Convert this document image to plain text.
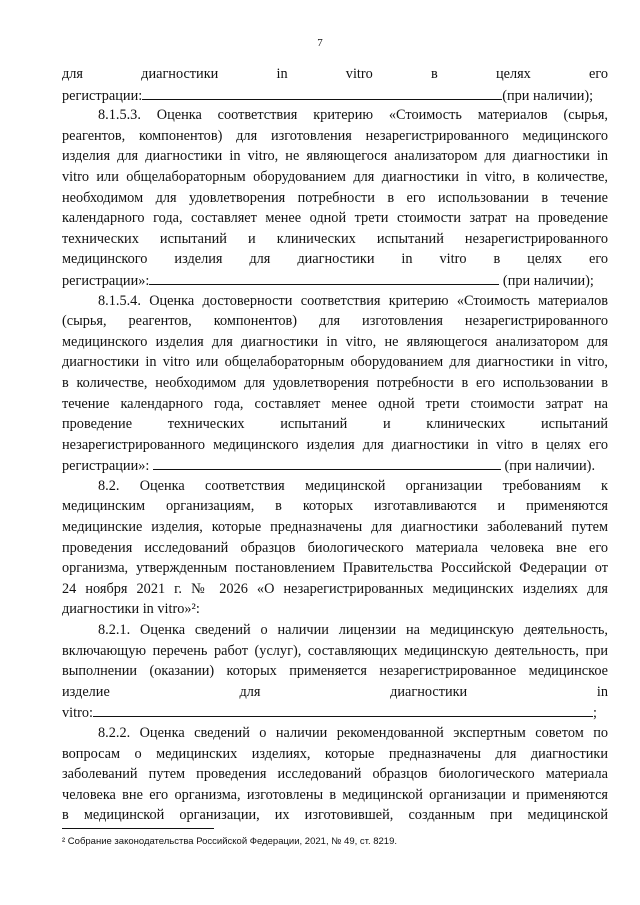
7
для диагностики in vitro в целях его
регистрации:	(при наличии);
8.1.5.3. Оценка соответствия критерию «Стоимость материалов (сырья,
реагентов, компонентов) для изготовления незарегистрированного медицинского
изделия для диагностики in vitro, не являющегося анализатором для диагностики in
vitro или общелабораторным оборудованием для диагностики in vitro, в количестве,
необходимом для удовлетворения потребности в его использовании в течение
календарного года, составляет менее одной трети стоимости затрат на проведение
технических испытаний и клинических испытаний незарегистрированного
медицинского изделия для диагностики in vitro в целях его
регистрации»:	(при наличии);
8.1.5.4. Оценка достоверности соответствия критерию «Стоимость материалов
(сырья, реагентов, компонентов) для изготовления незарегистрированного
медицинского изделия для диагностики in vitro, не являющегося анализатором для
диагностики in vitro или общелабораторным оборудованием для диагностики in vitro,
в количестве, необходимом для удовлетворения потребности в его использовании в
течение календарного года, составляет менее одной трети стоимости затрат на
проведение технических испытаний и клинических испытаний
незарегистрированного медицинского изделия для диагностики in vitro в целях его
регистрации»:	(при наличии).
8.2. Оценка соответствия медицинской организации требованиям к
медицинским организациям, в которых изготавливаются и применяются
медицинские изделия, которые предназначены для диагностики заболеваний путем
проведения исследований образцов биологического материала человека вне его
организма, утвержденным постановлением Правительства Российской Федерации от
24 ноября 2021 г. № 2026 «О незарегистрированных медицинских изделиях для
диагностики in vitro»²:
8.2.1. Оценка сведений о наличии лицензии на медицинскую деятельность,
включающую перечень работ (услуг), составляющих медицинскую деятельность, при
выполнении (оказании) которых применяется незарегистрированное медицинское
изделие для диагностики in
vitro:	;
8.2.2. Оценка сведений о наличии рекомендованной экспертным советом по
вопросам о медицинских изделиях, которые предназначены для диагностики
заболеваний путем проведения исследований образцов биологического материала
человека вне его организма, изготовлены в медицинской организации и применяются
в медицинской организации, их изготовившей, созданным при медицинской
² Собрание законодательства Российской Федерации, 2021, № 49, ст. 8219.
